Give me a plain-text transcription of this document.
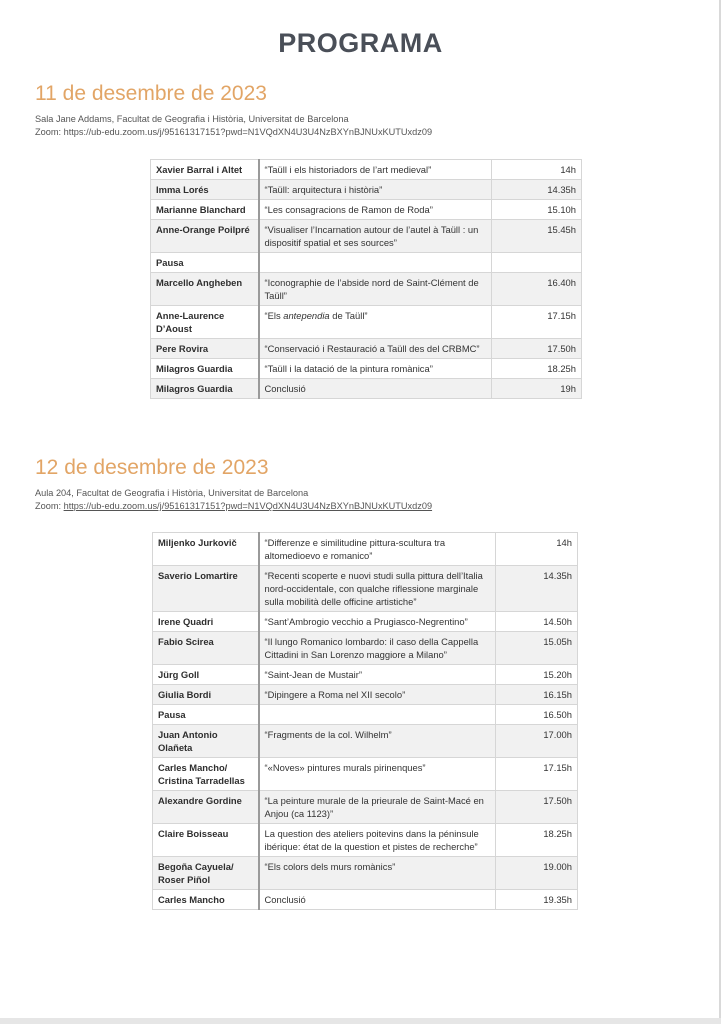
PROGRAMA
11 de desembre de 2023
Sala Jane Addams, Facultat de Geografia i Història, Universitat de Barcelona
Zoom: https://ub-edu.zoom.us/j/95161317151?pwd=N1VQdXN4U3U4NzBXYnBJNUxKUTUxdz09
Xavier Barral i Altet	“Taüll i els historiadors de l’art medieval”	14h
Imma Lorés	“Taüll: arquitectura i història”	14.35h
Marianne Blanchard	“Les consagracions de Ramon de Roda”	15.10h
Anne-Orange Poilpré	“Visualiser l’Incarnation autour de l’autel à Taüll : un dispositif spatial et ses sources”	15.45h
Pausa		
Marcello Angheben	“Iconographie de l’abside nord de Saint-Clément de Taüll”	16.40h
Anne-Laurence D’Aoust	“Els antependia de Taüll”	17.15h
Pere Rovira	“Conservació i Restauració a Taüll des del CRBMC”	17.50h
Milagros Guardia	“Taüll i la datació de la pintura romànica”	18.25h
Milagros Guardia	Conclusió	19h
12 de desembre de 2023
Aula 204, Facultat de Geografia i Història, Universitat de Barcelona
Zoom: https://ub-edu.zoom.us/j/95161317151?pwd=N1VQdXN4U3U4NzBXYnBJNUxKUTUxdz09
Miljenko Jurkovič	“Differenze e similitudine pittura-scultura tra altomedioevo e romanico”	14h
Saverio Lomartire	“Recenti scoperte e nuovi studi sulla pittura dell’Italia nord-occidentale, con qualche riflessione marginale sulla mobilità delle officine artistiche”	14.35h
Irene Quadri	“Sant’Ambrogio vecchio a Prugiasco-Negrentino”	14.50h
Fabio Scirea	“Il lungo Romanico lombardo: il caso della Cappella Cittadini in San Lorenzo maggiore a Milano”	15.05h
Jürg Goll	“Saint-Jean de Mustair”	15.20h
Giulia Bordi	“Dipingere a Roma nel XII secolo”	16.15h
Pausa		16.50h
Juan Antonio Olañeta	“Fragments de la col. Wilhelm”	17.00h
Carles Mancho/ Cristina Tarradellas	“«Noves» pintures murals pirinenques”	17.15h
Alexandre Gordine	“La peinture murale de la prieurale de Saint-Macé en Anjou (ca 1123)”	17.50h
Claire Boisseau	La question des ateliers poitevins dans la péninsule ibérique: état de la question et pistes de recherche”	18.25h
Begoña Cayuela/ Roser Piñol	“Els colors dels murs romànics”	19.00h
Carles Mancho	Conclusió	19.35h
